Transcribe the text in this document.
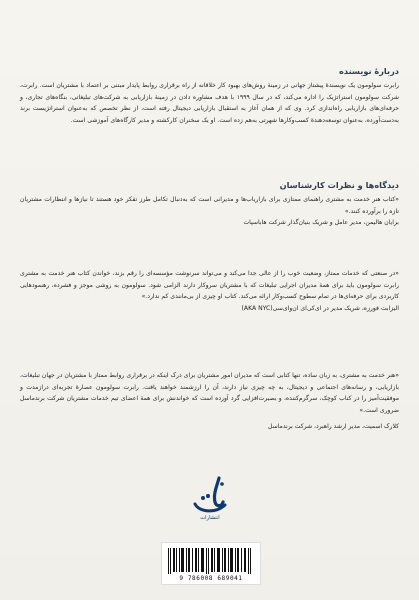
دربارهٔ نویسنده

رابرت سولومون یک نویسندهٔ پیشتاز جهانی در زمینهٔ روش‌های بهبود کار خلاقانه از راه برقراری روابط پایدار مبتنی بر اعتماد با مشتریان است. رابرت، شرکت سولومون استراتژیک را اداره می‌کند، که در سال ۱۹۹۹ با هدف مشاوره دادن در زمینهٔ بازاریابی به شرکت‌های تبلیغاتی، بنگاه‌های تجاری، و حرفه‌ای‌های بازاریابی راه‌اندازی کرد. وی که از همان آغاز به استقبال بازاریابی دیجیتال رفته است، از نظر تخصص که به‌عنوان استراتژیست برند به‌دست‌آورده، به‌عنوان توسعه‌دهندهٔ کسب‌وکارها شهرتی به‌هم زده است. او یک سخنران کارکشته و مدیر کارگاه‌های آموزشی است.

دیدگاه‌ها و نظرات کارشناسان

«کتاب هنر خدمت به مشتری راهنمای ممتازی برای بازاریاب‌ها و مدیرانی است که به‌دنبال تکامل طرز تفکر خود هستند تا نیازها و انتظارات مشتریان تازه را برآورده کنند.»

برایان هالیمن، مدیر عامل و شریک بنیان‌گذار شرکت هاباسپات

«در صنعتی که خدمات ممتاز، وضعیت خوب را از عالی جدا می‌کند و می‌تواند سرنوشت مؤسسه‌ای را رقم بزند، خواندن کتاب هنر خدمت به مشتری رابرت سولومون باید برای همهٔ مدیران اجرایی تبلیغات که با مشتریان سروکار دارند الزامی شود. سولومون به روشی موجز و فشرده، رهنمودهایی کاربردی برای حرفه‌ای‌ها در تمام سطوح کسب‌وکار ارائه می‌کند. کتاب او چیزی از بی‌مانندی کم ندارد.»

الیزابت فورزه، شریک مدیر در ای‌کی‌ای ان‌وای‌سی(AKA NYC)

«هنر خدمت به مشتری، به زبان ساده، تنها کتابی است که مدیران امور مشتریان برای درک اینکه در برقراری روابط ممتاز با مشتریان در جهان تبلیغات، بازاریابی، و رسانه‌های اجتماعی و دیجیتال، به چه چیزی نیاز دارند، آن را ارزشمند خواهند یافت. رابرت سولومون عصارهٔ تجربه‌ای درازمدت و موفقیت‌آمیز را در کتاب کوچک، سرگرم‌کننده، و بصیرت‌افزایی گرد آورده است که خواندنش برای همهٔ اعضای تیم خدمات مشتریان شرکت برندماسل ضروری است.»

کلارک اسمیت، مدیر ارشد راهبرد، شرکت برندماسل
انتشارات
9 786008 689041
